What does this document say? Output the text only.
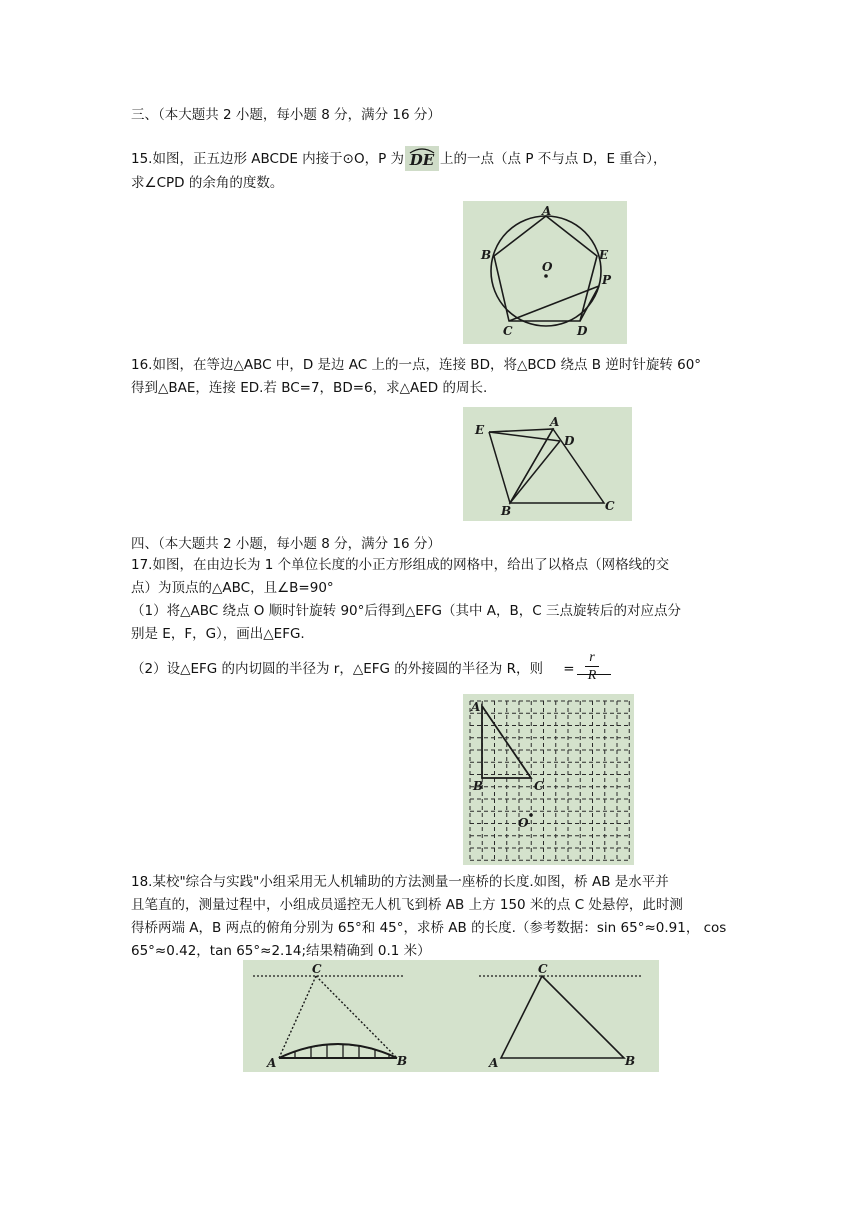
三、（本大题共 2 小题，每小题 8 分，满分 16 分）
15.如图，正五边形 ABCDE 内接于⊙O，P 为 DE 上的一点（点 P 不与点 D，E 重合），
求∠CPD 的余角的度数。
A
B
C	D
E
O
P
16.如图，在等边△ABC 中，D 是边 AC 上的一点，连接 BD，将△BCD 绕点 B 逆时针旋转 60°
得到△BAE，连接 ED.若 BC=7，BD=6，求△AED 的周长.
A
B	C
D
E
四、（本大题共 2 小题，每小题 8 分，满分 16 分）
17.如图，在由边长为 1 个单位长度的小正方形组成的网格中，给出了以格点（网格线的交
点）为顶点的△ABC，且∠B=90°
（1）将△ABC 绕点 O 顺时针旋转 90°后得到△EFG（其中 A，B，C 三点旋转后的对应点分
别是 E，F，G），画出△EFG.
（2）设△EFG 的内切圆的半径为 r，△EFG 的外接圆的半径为 R，则 = $\frac{r}{R}$
A
B	C
O
18.某校"综合与实践"小组采用无人机辅助的方法测量一座桥的长度.如图，桥 AB 是水平并
且笔直的，测量过程中，小组成员遥控无人机飞到桥 AB 上方 150 米的点 C 处悬停，此时测
得桥两端 A，B 两点的俯角分别为 65°和 45°，求桥 AB 的长度.（参考数据：sin 65°≈0.91， cos
65°≈0.42，tan 65°≈2.14;结果精确到 0.1 米）
A	B
C
A	B
C
